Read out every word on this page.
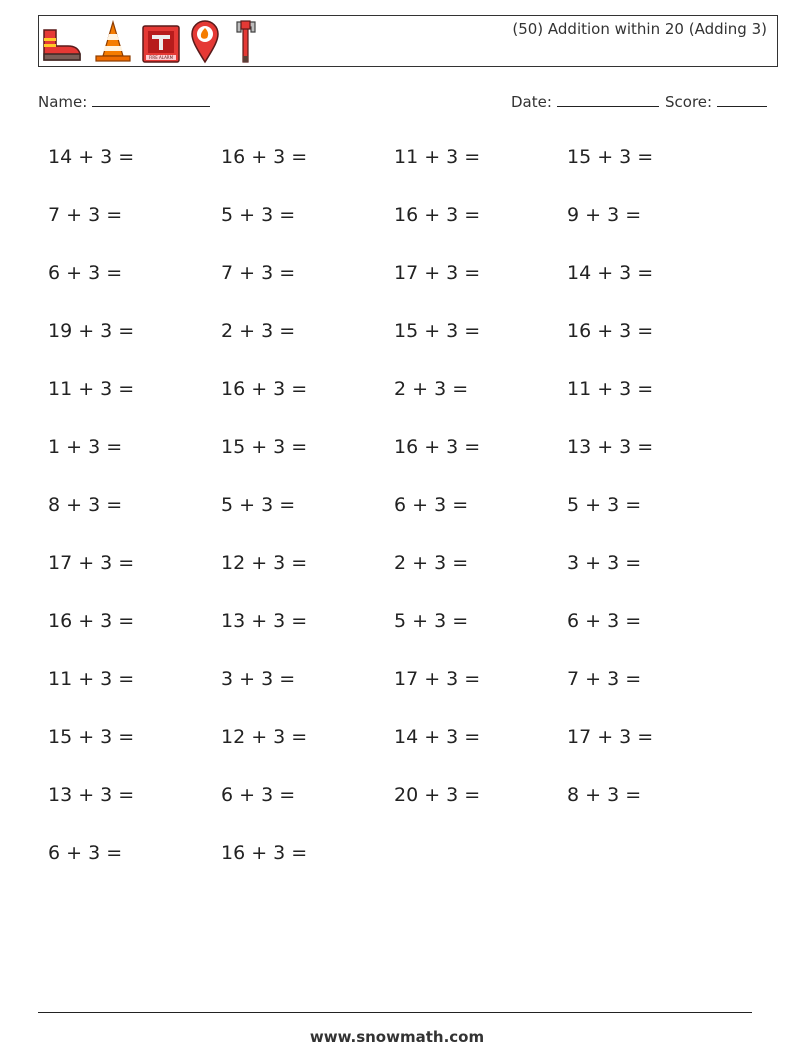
FIRE ALARM
(50) Addition within 20 (Adding 3)
Name:	Date:	Score:
14 + 3 =	16 + 3 =	11 + 3 =	15 + 3 =
7 + 3 =	5 + 3 =	16 + 3 =	9 + 3 =
6 + 3 =	7 + 3 =	17 + 3 =	14 + 3 =
19 + 3 =	2 + 3 =	15 + 3 =	16 + 3 =
11 + 3 =	16 + 3 =	2 + 3 =	11 + 3 =
1 + 3 =	15 + 3 =	16 + 3 =	13 + 3 =
8 + 3 =	5 + 3 =	6 + 3 =	5 + 3 =
17 + 3 =	12 + 3 =	2 + 3 =	3 + 3 =
16 + 3 =	13 + 3 =	5 + 3 =	6 + 3 =
11 + 3 =	3 + 3 =	17 + 3 =	7 + 3 =
15 + 3 =	12 + 3 =	14 + 3 =	17 + 3 =
13 + 3 =	6 + 3 =	20 + 3 =	8 + 3 =
6 + 3 =	16 + 3 =
www.snowmath.com
